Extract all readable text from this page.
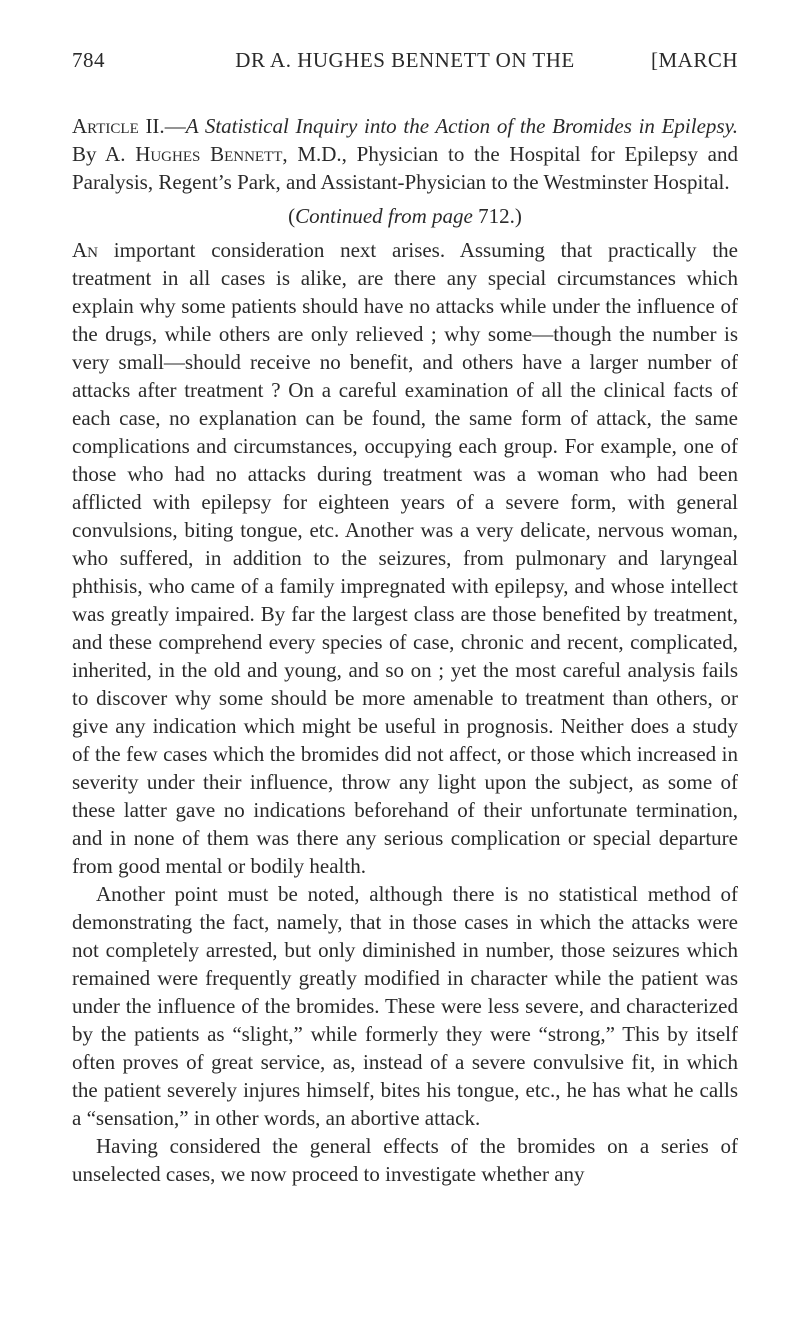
784	DR A. HUGHES BENNETT ON THE	[MARCH

Article II.—A Statistical Inquiry into the Action of the Bromides in Epilepsy. By A. Hughes Bennett, M.D., Physician to the Hospital for Epilepsy and Paralysis, Regent’s Park, and Assistant-Physician to the Westminster Hospital.

(Continued from page 712.)

An important consideration next arises. Assuming that practically the treatment in all cases is alike, are there any special circumstances which explain why some patients should have no attacks while under the influence of the drugs, while others are only relieved ; why some—though the number is very small—should receive no benefit, and others have a larger number of attacks after treatment ? On a careful examination of all the clinical facts of each case, no explanation can be found, the same form of attack, the same complications and circumstances, occupying each group. For example, one of those who had no attacks during treatment was a woman who had been afflicted with epilepsy for eighteen years of a severe form, with general convulsions, biting tongue, etc. Another was a very delicate, nervous woman, who suffered, in addition to the seizures, from pulmonary and laryngeal phthisis, who came of a family impregnated with epilepsy, and whose intellect was greatly impaired. By far the largest class are those benefited by treatment, and these comprehend every species of case, chronic and recent, complicated, inherited, in the old and young, and so on ; yet the most careful analysis fails to discover why some should be more amenable to treatment than others, or give any indication which might be useful in prognosis. Neither does a study of the few cases which the bromides did not affect, or those which increased in severity under their influence, throw any light upon the subject, as some of these latter gave no indications beforehand of their unfortunate termination, and in none of them was there any serious complication or special departure from good mental or bodily health.

Another point must be noted, although there is no statistical method of demonstrating the fact, namely, that in those cases in which the attacks were not completely arrested, but only diminished in number, those seizures which remained were frequently greatly modified in character while the patient was under the influence of the bromides. These were less severe, and characterized by the patients as “slight,” while formerly they were “strong,” This by itself often proves of great service, as, instead of a severe convulsive fit, in which the patient severely injures himself, bites his tongue, etc., he has what he calls a “sensation,” in other words, an abortive attack.

Having considered the general effects of the bromides on a series of unselected cases, we now proceed to investigate whether any
